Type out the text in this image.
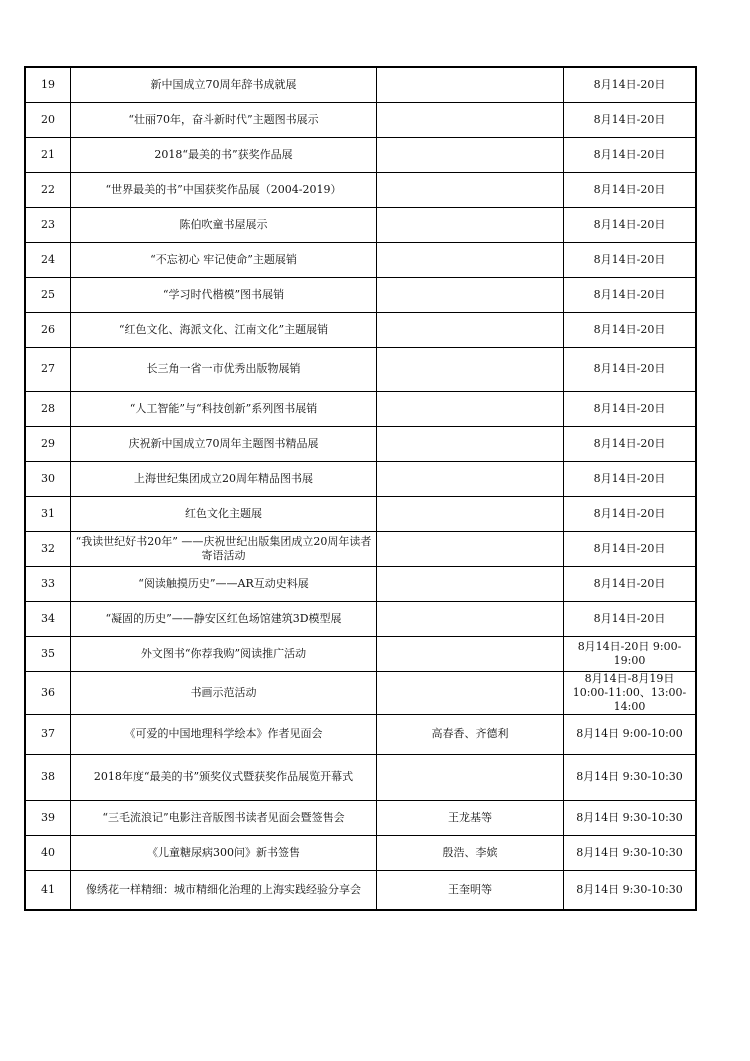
19	新中国成立70周年辞书成就展		8月14日-20日

20	“壮丽70年，奋斗新时代”主题图书展示		8月14日-20日

21	2018“最美的书”获奖作品展		8月14日-20日

22	“世界最美的书”中国获奖作品展（2004-2019）		8月14日-20日

23	陈伯吹童书屋展示		8月14日-20日

24	“不忘初心 牢记使命”主题展销		8月14日-20日

25	“学习时代楷模”图书展销		8月14日-20日

26	“红色文化、海派文化、江南文化”主题展销		8月14日-20日

27	长三角一省一市优秀出版物展销		8月14日-20日

28	“人工智能”与“科技创新”系列图书展销		8月14日-20日

29	庆祝新中国成立70周年主题图书精品展		8月14日-20日

30	上海世纪集团成立20周年精品图书展		8月14日-20日

31	红色文化主题展		8月14日-20日

32	“我读世纪好书20年” ——庆祝世纪出版集团成立20周年读者寄语活动		8月14日-20日

33	“阅读触摸历史”——AR互动史料展		8月14日-20日

34	“凝固的历史”——静安区红色场馆建筑3D模型展		8月14日-20日

35	外文图书“你荐我购”阅读推广活动		8月14日-20日 9:00-19:00

36	书画示范活动		8月14日-8月19日 10:00-11:00、13:00-14:00

37	《可爱的中国地理科学绘本》作者见面会	高春香、齐德利	8月14日 9:00-10:00

38	2018年度“最美的书”颁奖仪式暨获奖作品展览开幕式		8月14日 9:30-10:30

39	“三毛流浪记”电影注音版图书读者见面会暨签售会	王龙基等	8月14日 9:30-10:30

40	《儿童糖尿病300问》新书签售	殷浩、李嫔	8月14日 9:30-10:30

41	像绣花一样精细：城市精细化治理的上海实践经验分享会	王奎明等	8月14日 9:30-10:30
